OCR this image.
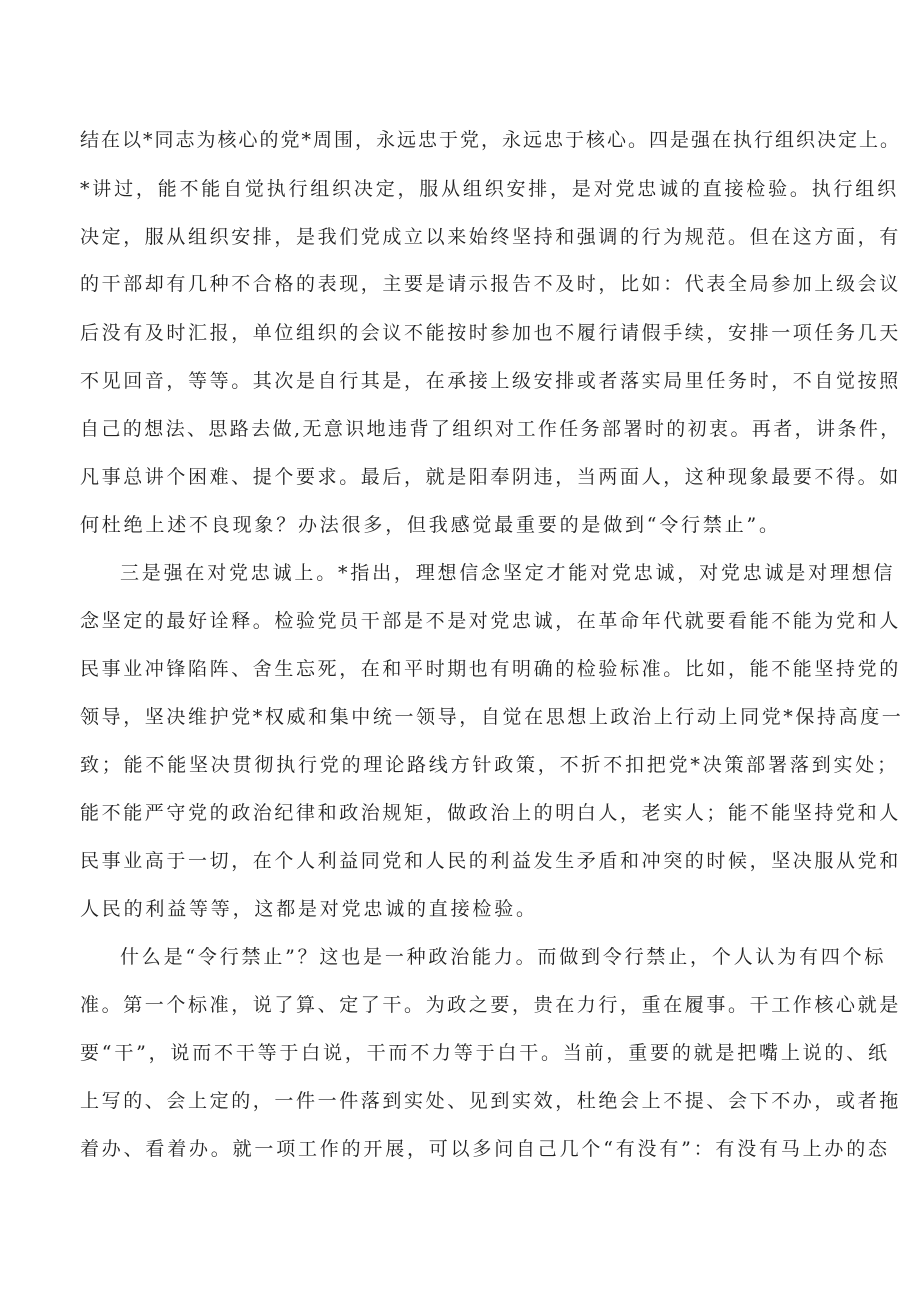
结在以*同志为核心的党*周围，永远忠于党，永远忠于核心。四是强在执行组织决定上。
*讲过，能不能自觉执行组织决定，服从组织安排，是对党忠诚的直接检验。执行组织
决定，服从组织安排，是我们党成立以来始终坚持和强调的行为规范。但在这方面，有
的干部却有几种不合格的表现，主要是请示报告不及时，比如：代表全局参加上级会议
后没有及时汇报，单位组织的会议不能按时参加也不履行请假手续，安排一项任务几天
不见回音，等等。其次是自行其是，在承接上级安排或者落实局里任务时，不自觉按照
自己的想法、思路去做,无意识地违背了组织对工作任务部署时的初衷。再者，讲条件，
凡事总讲个困难、提个要求。最后，就是阳奉阴违，当两面人，这种现象最要不得。如
何杜绝上述不良现象？办法很多，但我感觉最重要的是做到“令行禁止”。
三是强在对党忠诚上。*指出，理想信念坚定才能对党忠诚，对党忠诚是对理想信
念坚定的最好诠释。检验党员干部是不是对党忠诚，在革命年代就要看能不能为党和人
民事业冲锋陷阵、舍生忘死，在和平时期也有明确的检验标准。比如，能不能坚持党的
领导，坚决维护党*权威和集中统一领导，自觉在思想上政治上行动上同党*保持高度一
致；能不能坚决贯彻执行党的理论路线方针政策，不折不扣把党*决策部署落到实处；
能不能严守党的政治纪律和政治规矩，做政治上的明白人，老实人；能不能坚持党和人
民事业高于一切，在个人利益同党和人民的利益发生矛盾和冲突的时候，坚决服从党和
人民的利益等等，这都是对党忠诚的直接检验。
什么是“令行禁止”？这也是一种政治能力。而做到令行禁止，个人认为有四个标
准。第一个标准，说了算、定了干。为政之要，贵在力行，重在履事。干工作核心就是
要“干”，说而不干等于白说，干而不力等于白干。当前，重要的就是把嘴上说的、纸
上写的、会上定的，一件一件落到实处、见到实效，杜绝会上不提、会下不办，或者拖
着办、看着办。就一项工作的开展，可以多问自己几个“有没有”：有没有马上办的态
